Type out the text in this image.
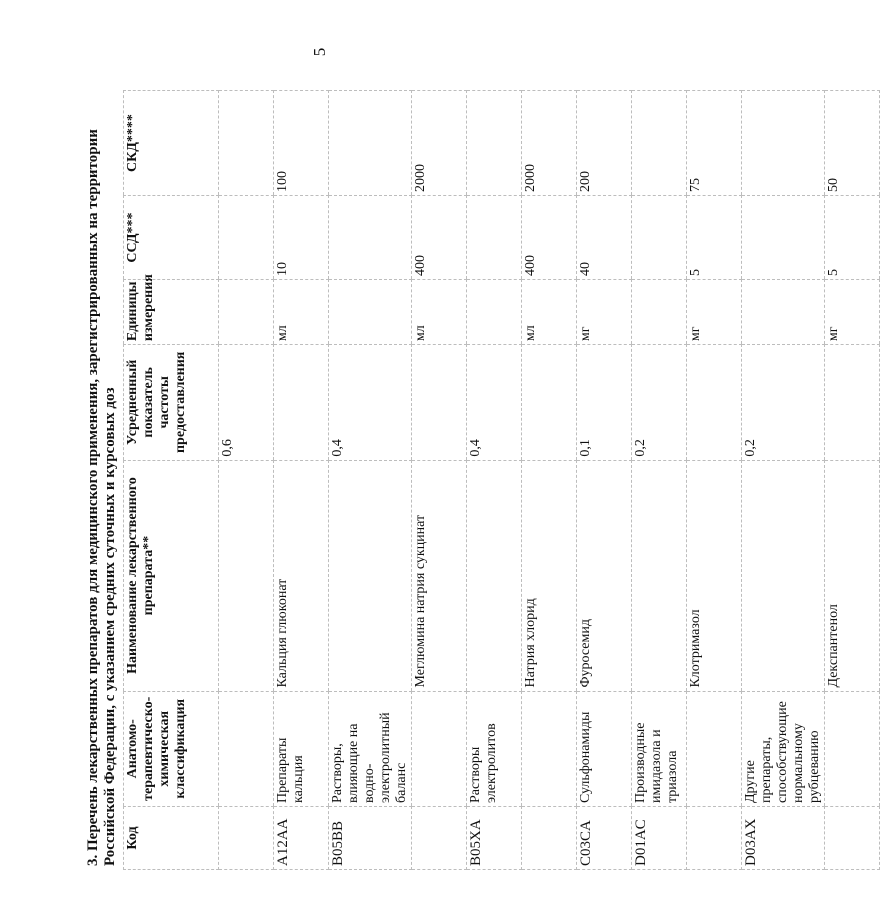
5
3. Перечень лекарственных препаратов для медицинского применения, зарегистрированных на территории Российской Федерации, с указанием средних суточных и курсовых доз Код	Анатомо-терапевтическо-химическая классификация	Наименование лекарственного препарата**	Усредненный показатель частоты предоставления	Единицы измерения	ССД***	СКД****
			0,6			
A12AA	Препараты кальция	Кальция глюконат		мл	10	100
B05BB	Растворы, влияющие на водно-электролитный баланс		0,4			
		Меглюмина натрия сукцинат		мл	400	2000
B05XA	Растворы электролитов		0,4			
		Натрия хлорид		мл	400	2000
C03CA	Сульфонамиды	Фуросемид	0,1	мг	40	200
D01AC	Производные имидазола и триазола		0,2			
		Клотримазол		мг	5	75
D03AX	Другие препараты, способствующие нормальному рубцеванию		0,2			
		Декспантенол		мг	5	50
